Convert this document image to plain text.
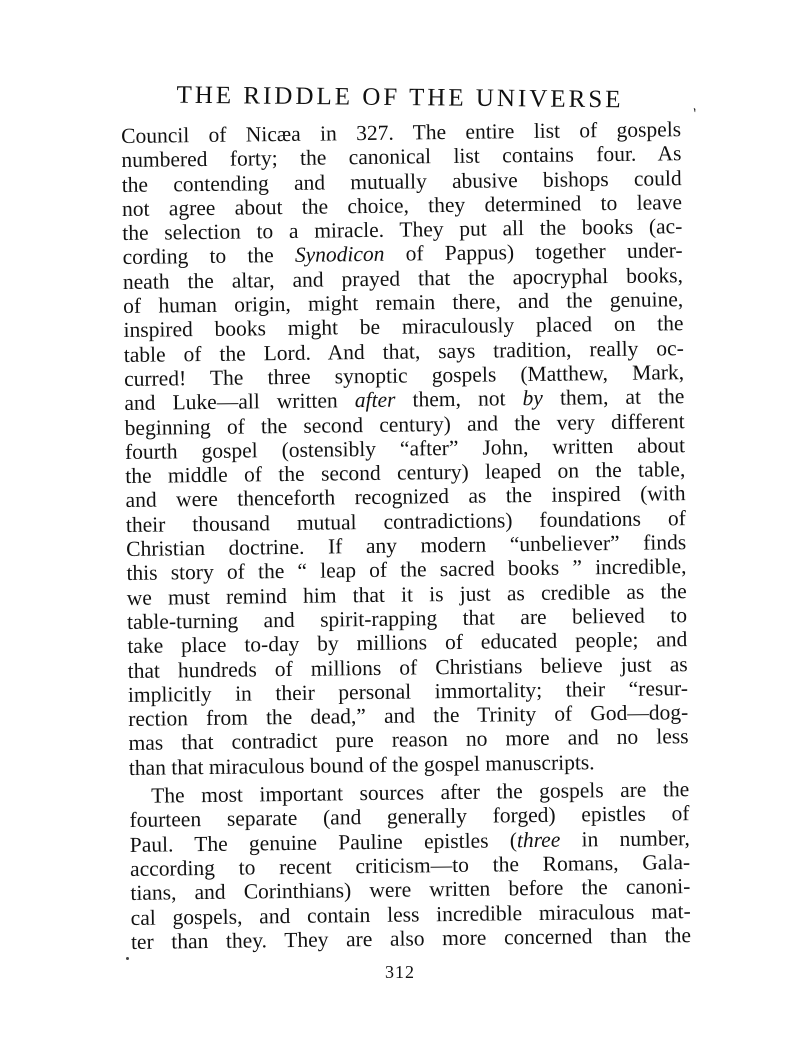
THE RIDDLE OF THE UNIVERSE
`
Council of Nicæa in 327. The entire list of gospels
numbered forty; the canonical list contains four. As
the contending and mutually abusive bishops could
not agree about the choice, they determined to leave
the selection to a miracle. They put all the books (ac-
cording to the Synodicon of Pappus) together under-
neath the altar, and prayed that the apocryphal books,
of human origin, might remain there, and the genuine,
inspired books might be miraculously placed on the
table of the Lord. And that, says tradition, really oc-
curred! The three synoptic gospels (Matthew, Mark,
and Luke—all written after them, not by them, at the
beginning of the second century) and the very different
fourth gospel (ostensibly “after” John, written about
the middle of the second century) leaped on the table,
and were thenceforth recognized as the inspired (with
their thousand mutual contradictions) foundations of
Christian doctrine. If any modern “unbeliever” finds
this story of the “ leap of the sacred books ” incredible,
we must remind him that it is just as credible as the
table-turning and spirit-rapping that are believed to
take place to-day by millions of educated people; and
that hundreds of millions of Christians believe just as
implicitly in their personal immortality; their “resur-
rection from the dead,” and the Trinity of God—dog-
mas that contradict pure reason no more and no less
than that miraculous bound of the gospel manuscripts.
The most important sources after the gospels are the
fourteen separate (and generally forged) epistles of
Paul. The genuine Pauline epistles (three in number,
according to recent criticism—to the Romans, Gala-
tians, and Corinthians) were written before the canoni-
cal gospels, and contain less incredible miraculous mat-
ter than they. They are also more concerned than the
312
